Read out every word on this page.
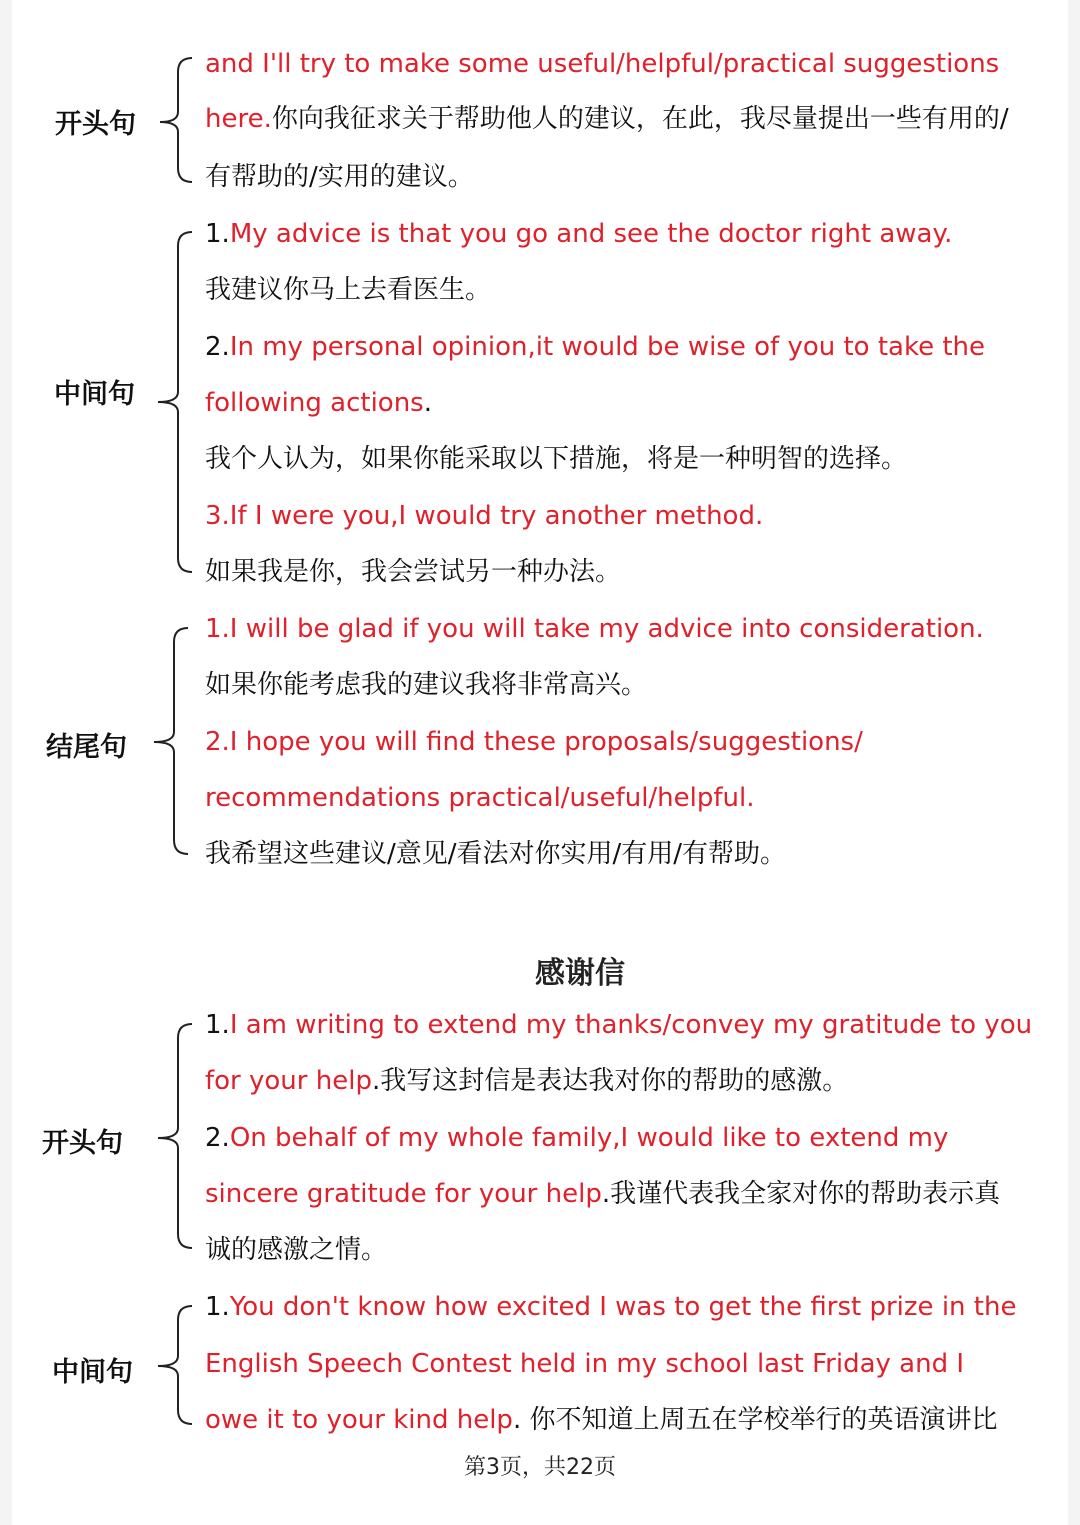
开头句
and I'll try to make some useful/helpful/practical suggestions
here.你向我征求关于帮助他人的建议，在此，我尽量提出一些有用的/
有帮助的/实用的建议。
中间句
1.My advice is that you go and see the doctor right away.
我建议你马上去看医生。
2.In my personal opinion,it would be wise of you to take the
following actions.
我个人认为，如果你能采取以下措施，将是一种明智的选择。
3.If I were you,I would try another method.
如果我是你，我会尝试另一种办法。
结尾句
1.I will be glad if you will take my advice into consideration.
如果你能考虑我的建议我将非常高兴。
2.I hope you will find these proposals/suggestions/
recommendations practical/useful/helpful.
我希望这些建议/意见/看法对你实用/有用/有帮助。
感谢信
开头句
1.I am writing to extend my thanks/convey my gratitude to you
for your help.我写这封信是表达我对你的帮助的感激。
2.On behalf of my whole family,I would like to extend my
sincere gratitude for your help.我谨代表我全家对你的帮助表示真
诚的感激之情。
中间句
1.You don't know how excited I was to get the first prize in the
English Speech Contest held in my school last Friday and I
owe it to your kind help. 你不知道上周五在学校举行的英语演讲比
第3页，共22页
